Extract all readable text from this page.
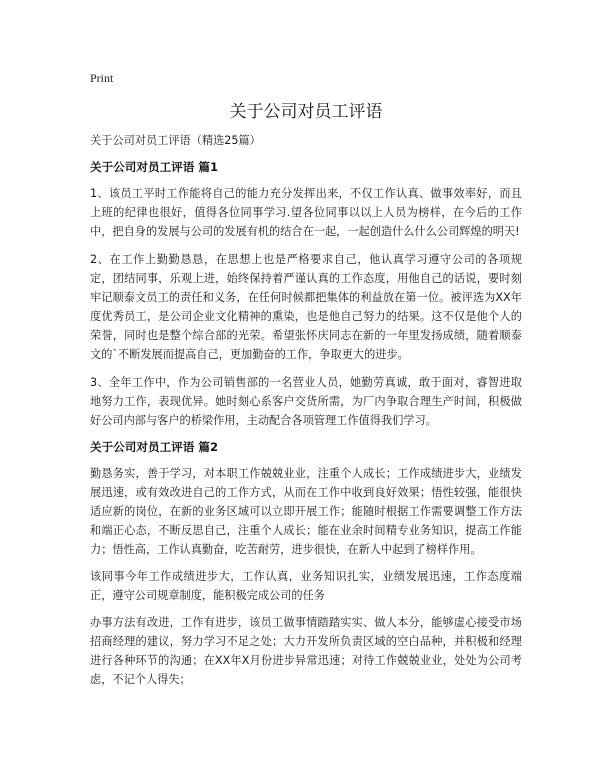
Print
关于公司对员工评语
关于公司对员工评语（精选25篇）
关于公司对员工评语 篇1

1、该员工平时工作能将自己的能力充分发挥出来，不仅工作认真、做事效率好，而且上班的纪律也很好，值得各位同事学习.望各位同事以以上人员为榜样，在今后的工作中，把自身的发展与公司的发展有机的结合在一起，一起创造什么什么公司辉煌的明天!

2、在工作上勤勤恳恳，在思想上也是严格要求自己，他认真学习遵守公司的各项规定，团结同事，乐观上进，始终保持着严谨认真的工作态度，用他自己的话说，要时刻牢记顺泰文员工的责任和义务，在任何时候都把集体的利益放在第一位。被评选为XX年度优秀员工，是公司企业文化精神的熏染，也是他自己努力的结果。这不仅是他个人的荣誉，同时也是整个综合部的光荣。希望张怀庆同志在新的一年里发扬成绩，随着顺泰文的`不断发展而提高自己，更加勤奋的工作，争取更大的进步。

3、全年工作中，作为公司销售部的一名营业人员，她勤劳真诚，敢于面对，睿智进取地努力工作，表现优异。她时刻心系客户交货所需，为厂内争取合理生产时间，积极做好公司内部与客户的桥梁作用，主动配合各项管理工作值得我们学习。

关于公司对员工评语 篇2

勤恳务实，善于学习，对本职工作兢兢业业，注重个人成长；工作成绩进步大，业绩发展迅速，或有效改进自己的工作方式，从而在工作中收到良好效果；悟性较强，能很快适应新的岗位，在新的业务区域可以立即开展工作；能随时根据工作需要调整工作方法和端正心态，不断反思自己，注重个人成长；能在业余时间精专业务知识，提高工作能力；悟性高，工作认真勤奋，吃苦耐劳，进步很快，在新人中起到了榜样作用。

该同事今年工作成绩进步大，工作认真，业务知识扎实，业绩发展迅速，工作态度端正，遵守公司规章制度，能积极完成公司的任务

办事方法有改进，工作有进步，该员工做事情踏踏实实、做人本分，能够虚心接受市场招商经理的建议，努力学习不足之处；大力开发所负责区域的空白品种，并积极和经理进行各种环节的沟通；在XX年X月份进步异常迅速；对待工作兢兢业业，处处为公司考虑，不记个人得失；
